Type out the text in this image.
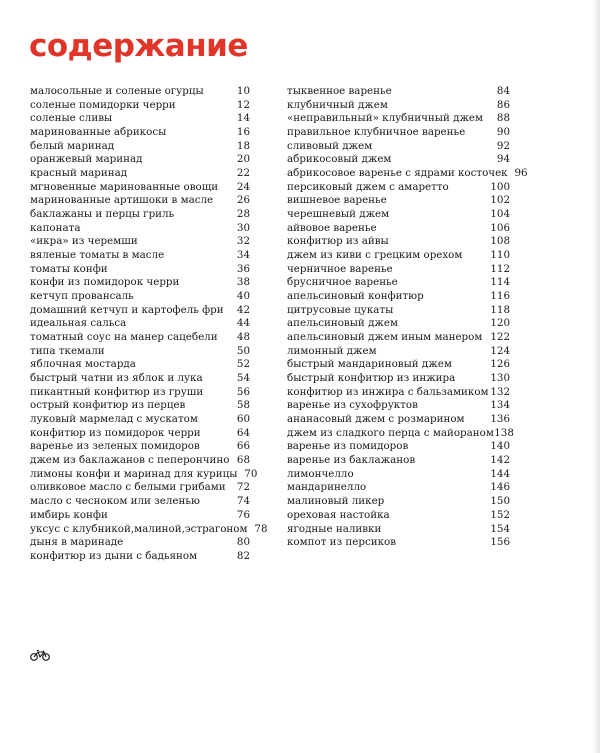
содержание
малосольные и соленые огурцы	10
соленые помидорки черри	12
соленые сливы	14
маринованные абрикосы	16
белый маринад	18
оранжевый маринад	20
красный маринад	22
мгновенные маринованные овощи	24
маринованные артишоки в масле	26
баклажаны и перцы гриль	28
капоната	30
«икра» из черемши	32
вяленые томаты в масле	34
томаты конфи	36
конфи из помидорок черри	38
кетчуп провансаль	40
домашний кетчуп и картофель фри	42
идеальная сальса	44
томатный соус на манер сацебели	48
типа ткемали	50
яблочная мостарда	52
быстрый чатни из яблок и лука	54
пикантный конфитюр из груши	56
острый конфитюр из перцев	58
луковый мармелад с мускатом	60
конфитюр из помидорок черри	64
варенье из зеленых помидоров	66
джем из баклажанов с пеперончино 68
лимоны конфи и маринад для курицы 70
оливковое масло с белыми грибами	72
масло с чесноком или зеленью	74
имбирь конфи	76
уксус с клубникой,малиной,эстрагоном 78
дыня в маринаде	80
конфитюр из дыни с бадьяном	82
тыквенное варенье	84
клубничный джем	86
«неправильный» клубничный джем	88
правильное клубничное варенье	90
сливовый джем	92
абрикосовый джем	94
абрикосовое варенье с ядрами косточек 96
персиковый джем с амаретто	100
вишневое варенье	102
черешневый джем	104
айвовое варенье	106
конфитюр из айвы	108
джем из киви с грецким орехом	110
черничное варенье	112
брусничное варенье	114
апельсиновый конфитюр	116
цитрусовые цукаты	118
апельсиновый джем	120
апельсиновый джем иным манером 122
лимонный джем	124
быстрый мандариновый джем	126
быстрый конфитюр из инжира	130
конфитюр из инжира с бальзамиком 132
варенье из сухофруктов	134
ананасовый джем с розмарином	136
джем из сладкого перца с майораном 138
варенье из помидоров	140
варенье из баклажанов	142
лимончелло	144
мандаринелло	146
малиновый ликер	150
ореховая настойка	152
ягодные наливки	154
компот из персиков	156
